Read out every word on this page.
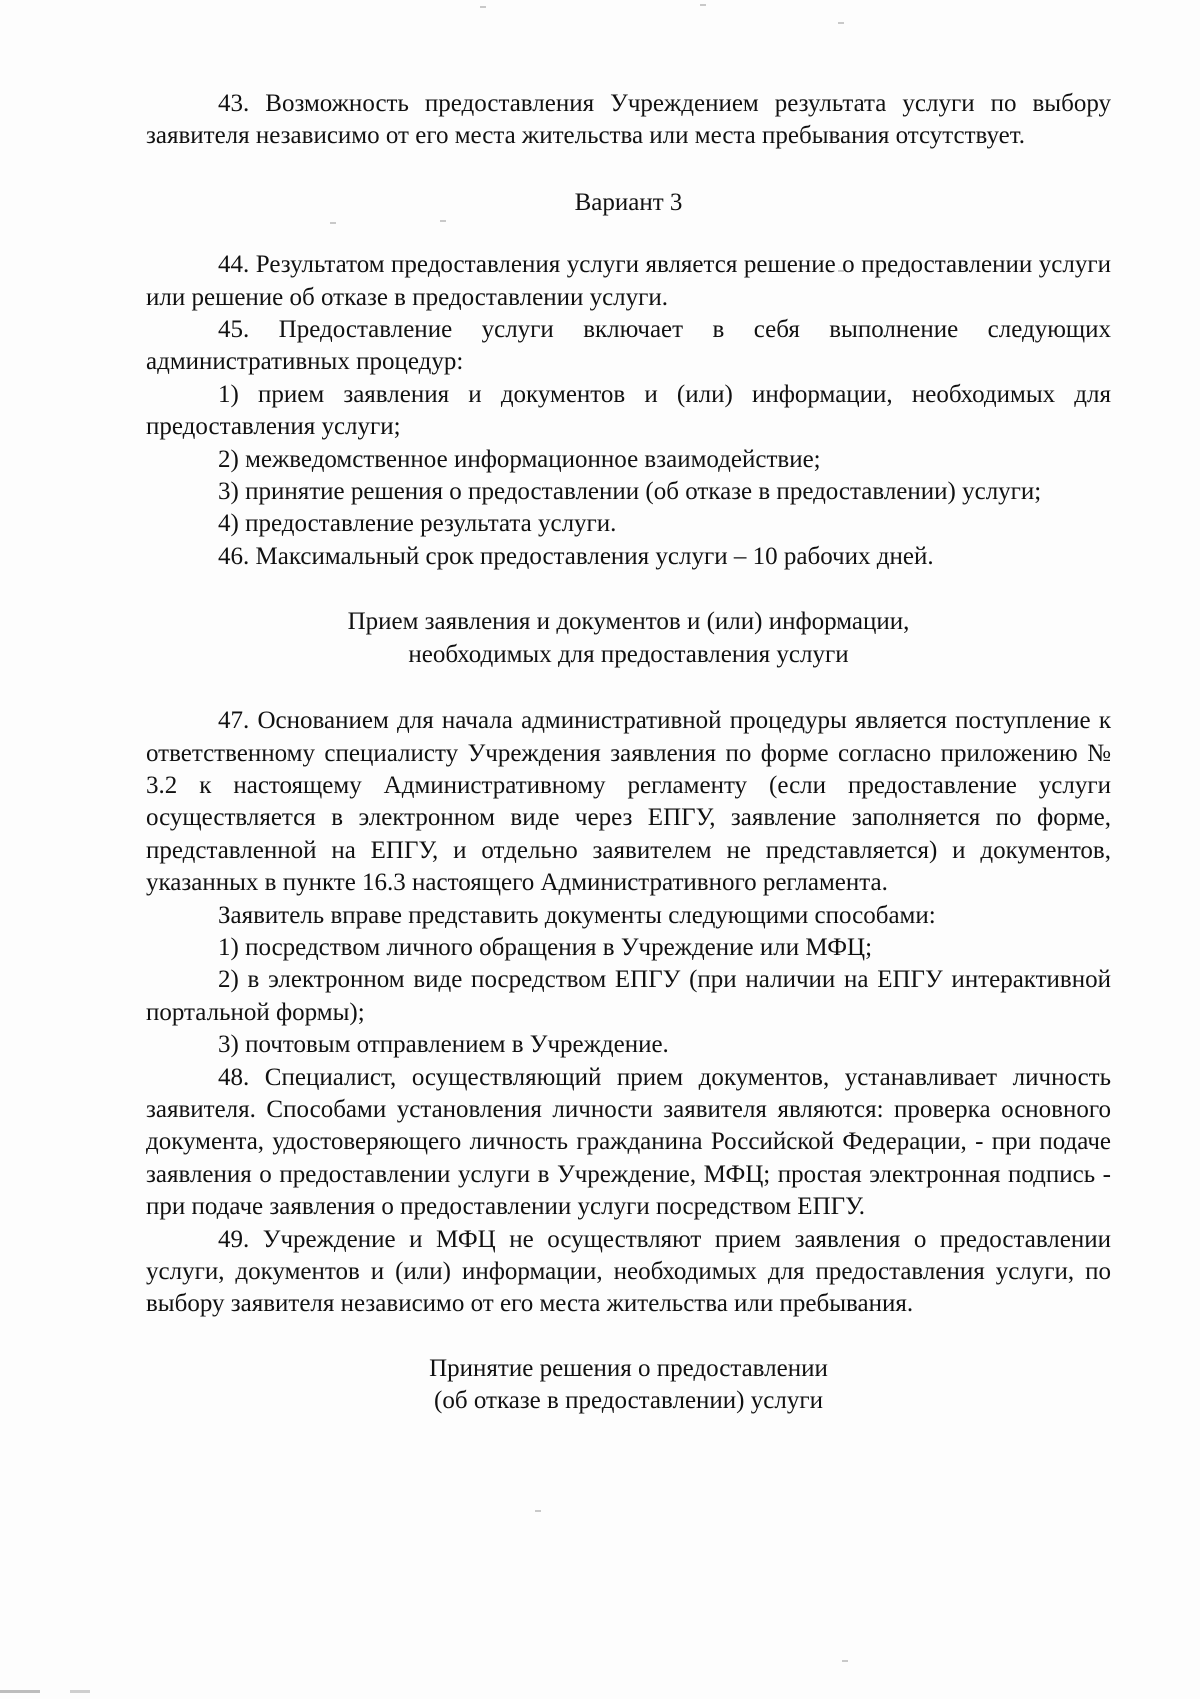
43. Возможность предоставления Учреждением результата услуги по выбору заявителя независимо от его места жительства или места пребывания отсутствует.

Вариант 3

44. Результатом предоставления услуги является решение о предоставлении услуги или решение об отказе в предоставлении услуги.

45. Предоставление услуги включает в себя выполнение следующих административных процедур:

1) прием заявления и документов и (или) информации, необходимых для предоставления услуги;

2) межведомственное информационное взаимодействие;

3) принятие решения о предоставлении (об отказе в предоставлении) услуги;

4) предоставление результата услуги.

46. Максимальный срок предоставления услуги – 10 рабочих дней.

Прием заявления и документов и (или) информации,
необходимых для предоставления услуги

47. Основанием для начала административной процедуры является поступление к ответственному специалисту Учреждения заявления по форме согласно приложению № 3.2 к настоящему Административному регламенту (если предоставление услуги осуществляется в электронном виде через ЕПГУ, заявление заполняется по форме, представленной на ЕПГУ, и отдельно заявителем не представляется) и документов, указанных в пункте 16.3 настоящего Административного регламента.

Заявитель вправе представить документы следующими способами:

1) посредством личного обращения в Учреждение или МФЦ;

2) в электронном виде посредством ЕПГУ (при наличии на ЕПГУ интерактивной портальной формы);

3) почтовым отправлением в Учреждение.

48. Специалист, осуществляющий прием документов, устанавливает личность заявителя. Способами установления личности заявителя являются: проверка основного документа, удостоверяющего личность гражданина Российской Федерации, - при подаче заявления о предоставлении услуги в Учреждение, МФЦ; простая электронная подпись - при подаче заявления о предоставлении услуги посредством ЕПГУ.

49. Учреждение и МФЦ не осуществляют прием заявления о предоставлении услуги, документов и (или) информации, необходимых для предоставления услуги, по выбору заявителя независимо от его места жительства или пребывания.

Принятие решения о предоставлении
(об отказе в предоставлении) услуги
